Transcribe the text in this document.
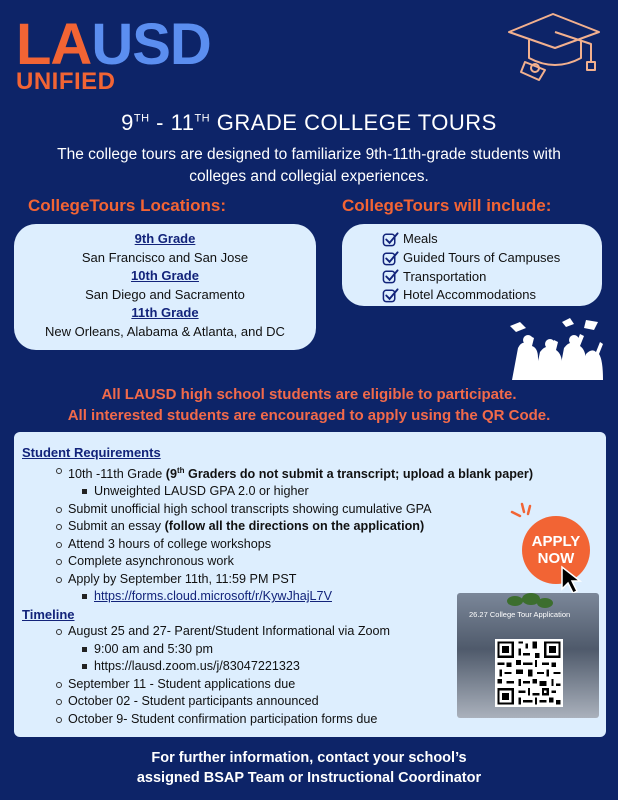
LAUSD
UNIFIED
9TH - 11TH GRADE COLLEGE TOURS
The college tours are designed to familiarize 9th-11th-grade students with colleges and collegial experiences.
CollegeTours Locations:	CollegeTours will include:
9th Grade
San Francisco and San Jose
10th Grade
San Diego and Sacramento
11th Grade
New Orleans, Alabama & Atlanta, and DC
Meals
Guided Tours of Campuses
Transportation
Hotel Accommodations
All LAUSD high school students are eligible to participate.
All interested students are encouraged to apply using the QR Code.
Student Requirements
10th -11th Grade (9th Graders do not submit a transcript; upload a blank paper)
Unweighted LAUSD GPA 2.0 or higher
Submit unofficial high school transcripts showing cumulative GPA
Submit an essay (follow all the directions on the application)
Attend 3 hours of college workshops
Complete asynchronous work
Apply by September 11th, 11:59 PM PST
https://forms.cloud.microsoft/r/KywJhajL7V
Timeline
August 25 and 27- Parent/Student Informational via Zoom
9:00 am and 5:30 pm
https://lausd.zoom.us/j/83047221323
September 11 - Student applications due
October 02 - Student participants announced
October 9- Student confirmation participation forms due
APPLY
NOW
26.27 College Tour Application
For further information, contact your school’s
assigned BSAP Team or Instructional Coordinator
